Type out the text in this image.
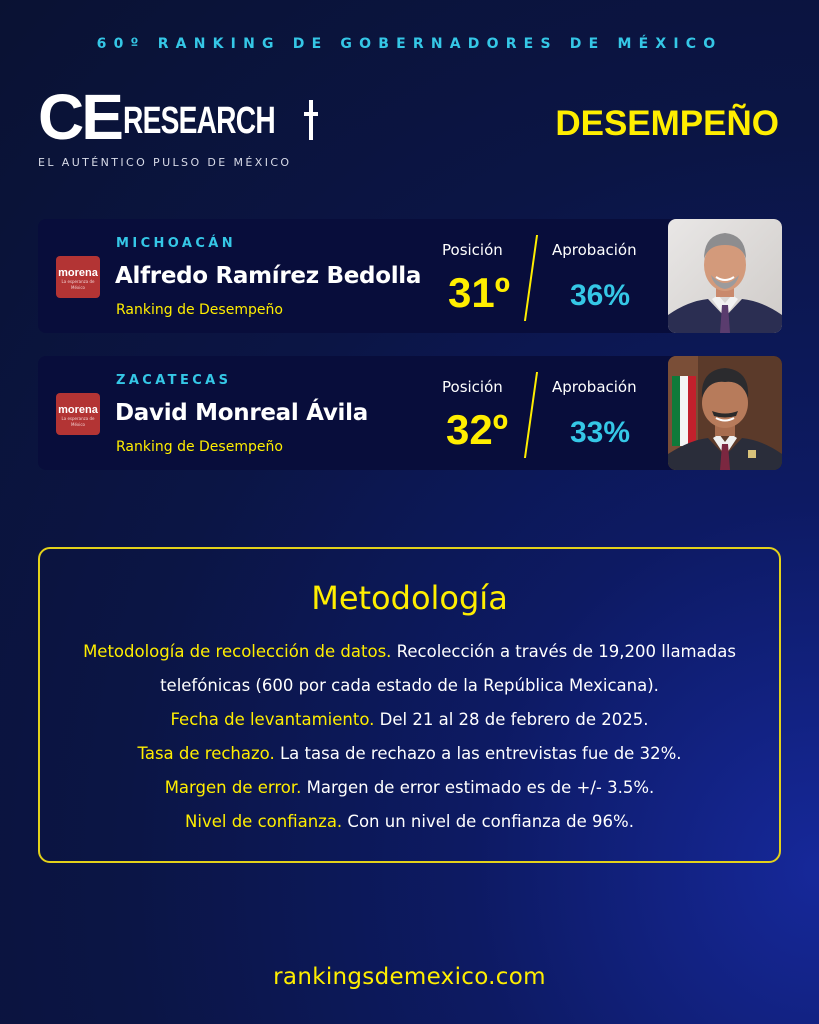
60º RANKING DE GOBERNADORES DE MÉXICO
CE RESEARCH
EL AUTÉNTICO PULSO DE MÉXICO
DESEMPEÑO
morena
La esperanza de México
MICHOACÁN
Alfredo Ramírez Bedolla
Ranking de Desempeño
Posición
31º
Aprobación
36%
morena
La esperanza de México
ZACATECAS
David Monreal Ávila
Ranking de Desempeño
Posición
32º
Aprobación
33%
Metodología
Metodología de recolección de datos. Recolección a través de 19,200 llamadas telefónicas (600 por cada estado de la República Mexicana).
Fecha de levantamiento. Del 21 al 28 de febrero de 2025.
Tasa de rechazo. La tasa de rechazo a las entrevistas fue de 32%.
Margen de error. Margen de error estimado es de +/- 3.5%.
Nivel de confianza. Con un nivel de confianza de 96%.
rankingsdemexico.com
